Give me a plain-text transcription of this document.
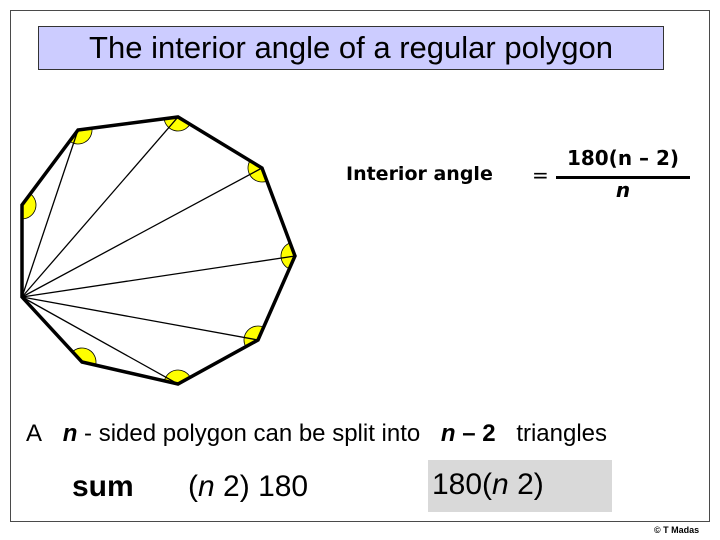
The interior angle of a regular polygon
Interior angle =
180(n – 2)
n
A n - sided polygon can be split into n – 2 triangles
sum (n 2) 180	180(n 2)
© T Madas
